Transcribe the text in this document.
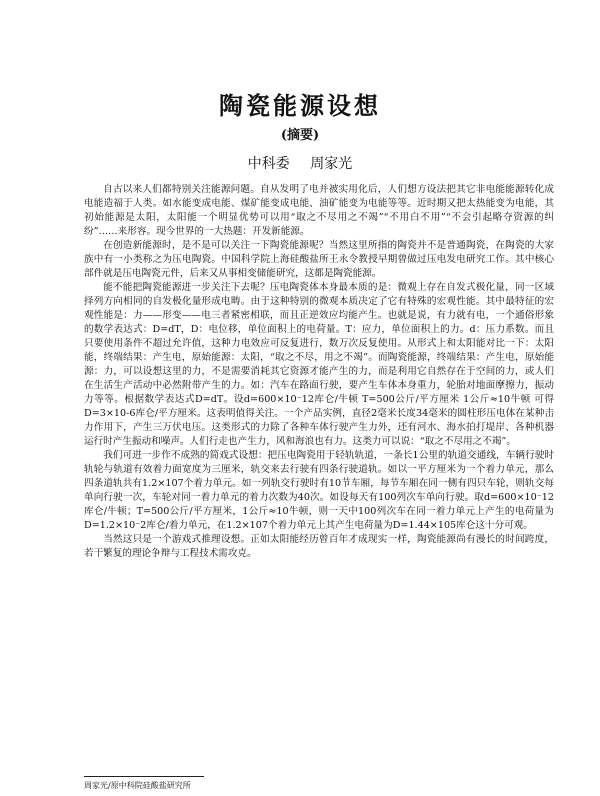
陶瓷能源设想
(摘要)
中科委 周家光

自古以来人们都特别关注能源问题。自从发明了电并被实用化后，人们想方设法把其它非电能能源转化成电能造福于人类。如水能变成电能、煤矿能变成电能、油矿能变为电能等等。近时期又把太热能变为电能，其初始能源是太阳，太阳能一个明显优势可以用“取之不尽用之不竭”“不用白不用”“不会引起略夺资源的纠纷”……来形容。现今世界的一大热题：开发新能源。

在创造新能源时，是不是可以关注一下陶瓷能源呢？当然这里所指的陶瓷并不是普通陶瓷，在陶瓷的大家族中有一小类称之为压电陶瓷。中国科学院上海硅酸盐所王永令教授早期曾做过压电发电研究工作。其中核心部件就是压电陶瓷元件，后来又从事相变储能研究，这都是陶瓷能源。

能不能把陶瓷能源进一步关注下去呢？压电陶瓷体本身最本质的是：微观上存在自发式极化量，同一区域择列方向相同的自发极化量形成电畴。由于这种特别的微观本质决定了它有特殊的宏观性能。其中最特征的宏观性能是：力——形变——电三者紧密相联，而且正逆效应均能产生。也就是说，有力就有电，一个通俗形象的数学表达式：D=dT，D：电位移，单位面积上的电荷量。T：应力，单位面积上的力。d：压力系数。而且只要使用条件不超过允许值，这种力电效应可反复进行，数万次反复使用。从形式上和太阳能对比一下：太阳能，终端结果：产生电，原始能源：太阳，“取之不尽，用之不竭”。而陶瓷能源，终端结果：产生电，原始能源：力，可以设想这里的力，不是需要消耗其它资源才能产生的力，而是利用它自然存在于空间的力，或人们在生活生产活动中必然附带产生的力。如：汽车在路面行驶，要产生车体本身重力，轮胎对地面摩擦力，振动力等等。根据数学表达式D=dT。设d=600×10⁻12库仑/牛顿 T=500公斤/平方厘米 1公斤≈10牛顿 可得D=3×10-6库仑/平方厘米。这表明值得关注。一个产品实例，直径2毫米长度34毫米的圆柱形压电体在某种击力作用下，产生三万伏电压。这类形式的力除了各种车体行驶产生力外，还有河水、海水拍打堤岸、各种机器运行时产生振动和噪声。人们行走也产生力，风和海浪也有力。这类力可以说：“取之不尽用之不竭”。

我们可进一步作不成熟的简戏式设想：把压电陶瓷用于轻轨轨道，一条长1公里的轨道交通线，车辆行驶时轨轮与轨道有效着力面宽度为三厘米，轨交来去行驶有四条行驶道轨。如以一平方厘米为一个着力单元，那么四条道轨共有1.2×107个着力单元。如一列轨交行驶时有10节车厢，每节车厢在同一侧有四只车轮，则轨交每单向行驶一次，车轮对同一着力单元的着力次数为40次。如设每天有100列次车单向行驶。取d=600×10⁻12库仑/牛顿；T=500公斤/平方厘米，1公斤≈10牛顿，则一天中100列次车在同一着力单元上产生的电荷量为D=1.2×10⁻2库仑/着力单元，在1.2×107个着力单元上其产生电荷量为D=1.44×105库仑这十分可观。

当然这只是一个游戏式推理设想。正如太阳能经历曾百年才成现实一样，陶瓷能源尚有漫长的时间跨度，若干繁复的理论争辩与工程技术需攻克。

周家光/原中科院硅酸盐研究所
